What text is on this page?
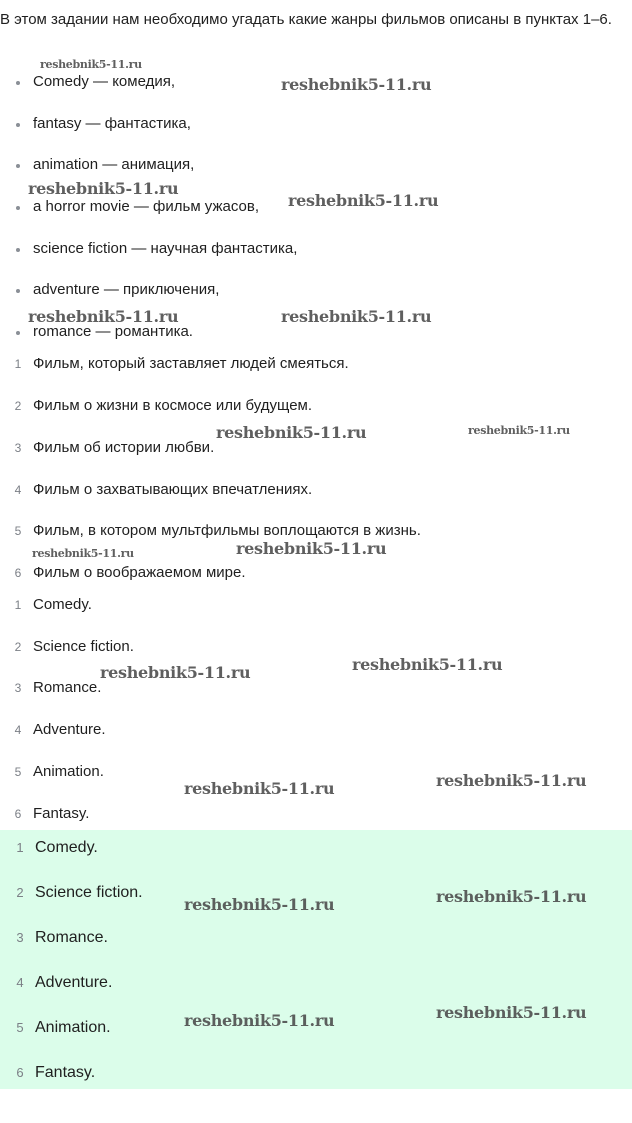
В этом задании нам необходимо угадать какие жанры фильмов описаны в пунктах 1–6.

Comedy — комедия,
fantasy — фантастика,
animation — анимация,
a horror movie — фильм ужасов,
science fiction — научная фантастика,
adventure — приключения,
romance — романтика.
1 Фильм, который заставляет людей смеяться.
2 Фильм о жизни в космосе или будущем.
3 Фильм об истории любви.
4 Фильм о захватывающих впечатлениях.
5 Фильм, в котором мультфильмы воплощаются в жизнь.
6 Фильм о воображаемом мире.
1 Comedy.
2 Science fiction.
3 Romance.
4 Adventure.
5 Animation.
6 Fantasy.
1 Comedy.
2 Science fiction.
3 Romance.
4 Adventure.
5 Animation.
6 Fantasy.
reshebnik5-11.ru
reshebnik5-11.ru
reshebnik5-11.ru
reshebnik5-11.ru
reshebnik5-11.ru	reshebnik5-11.ru
reshebnik5-11.ru	reshebnik5-11.ru
reshebnik5-11.ru	reshebnik5-11.ru
reshebnik5-11.ru
reshebnik5-11.ru
reshebnik5-11.ru
reshebnik5-11.ru
reshebnik5-11.ru
reshebnik5-11.ru
reshebnik5-11.ru
reshebnik5-11.ru
